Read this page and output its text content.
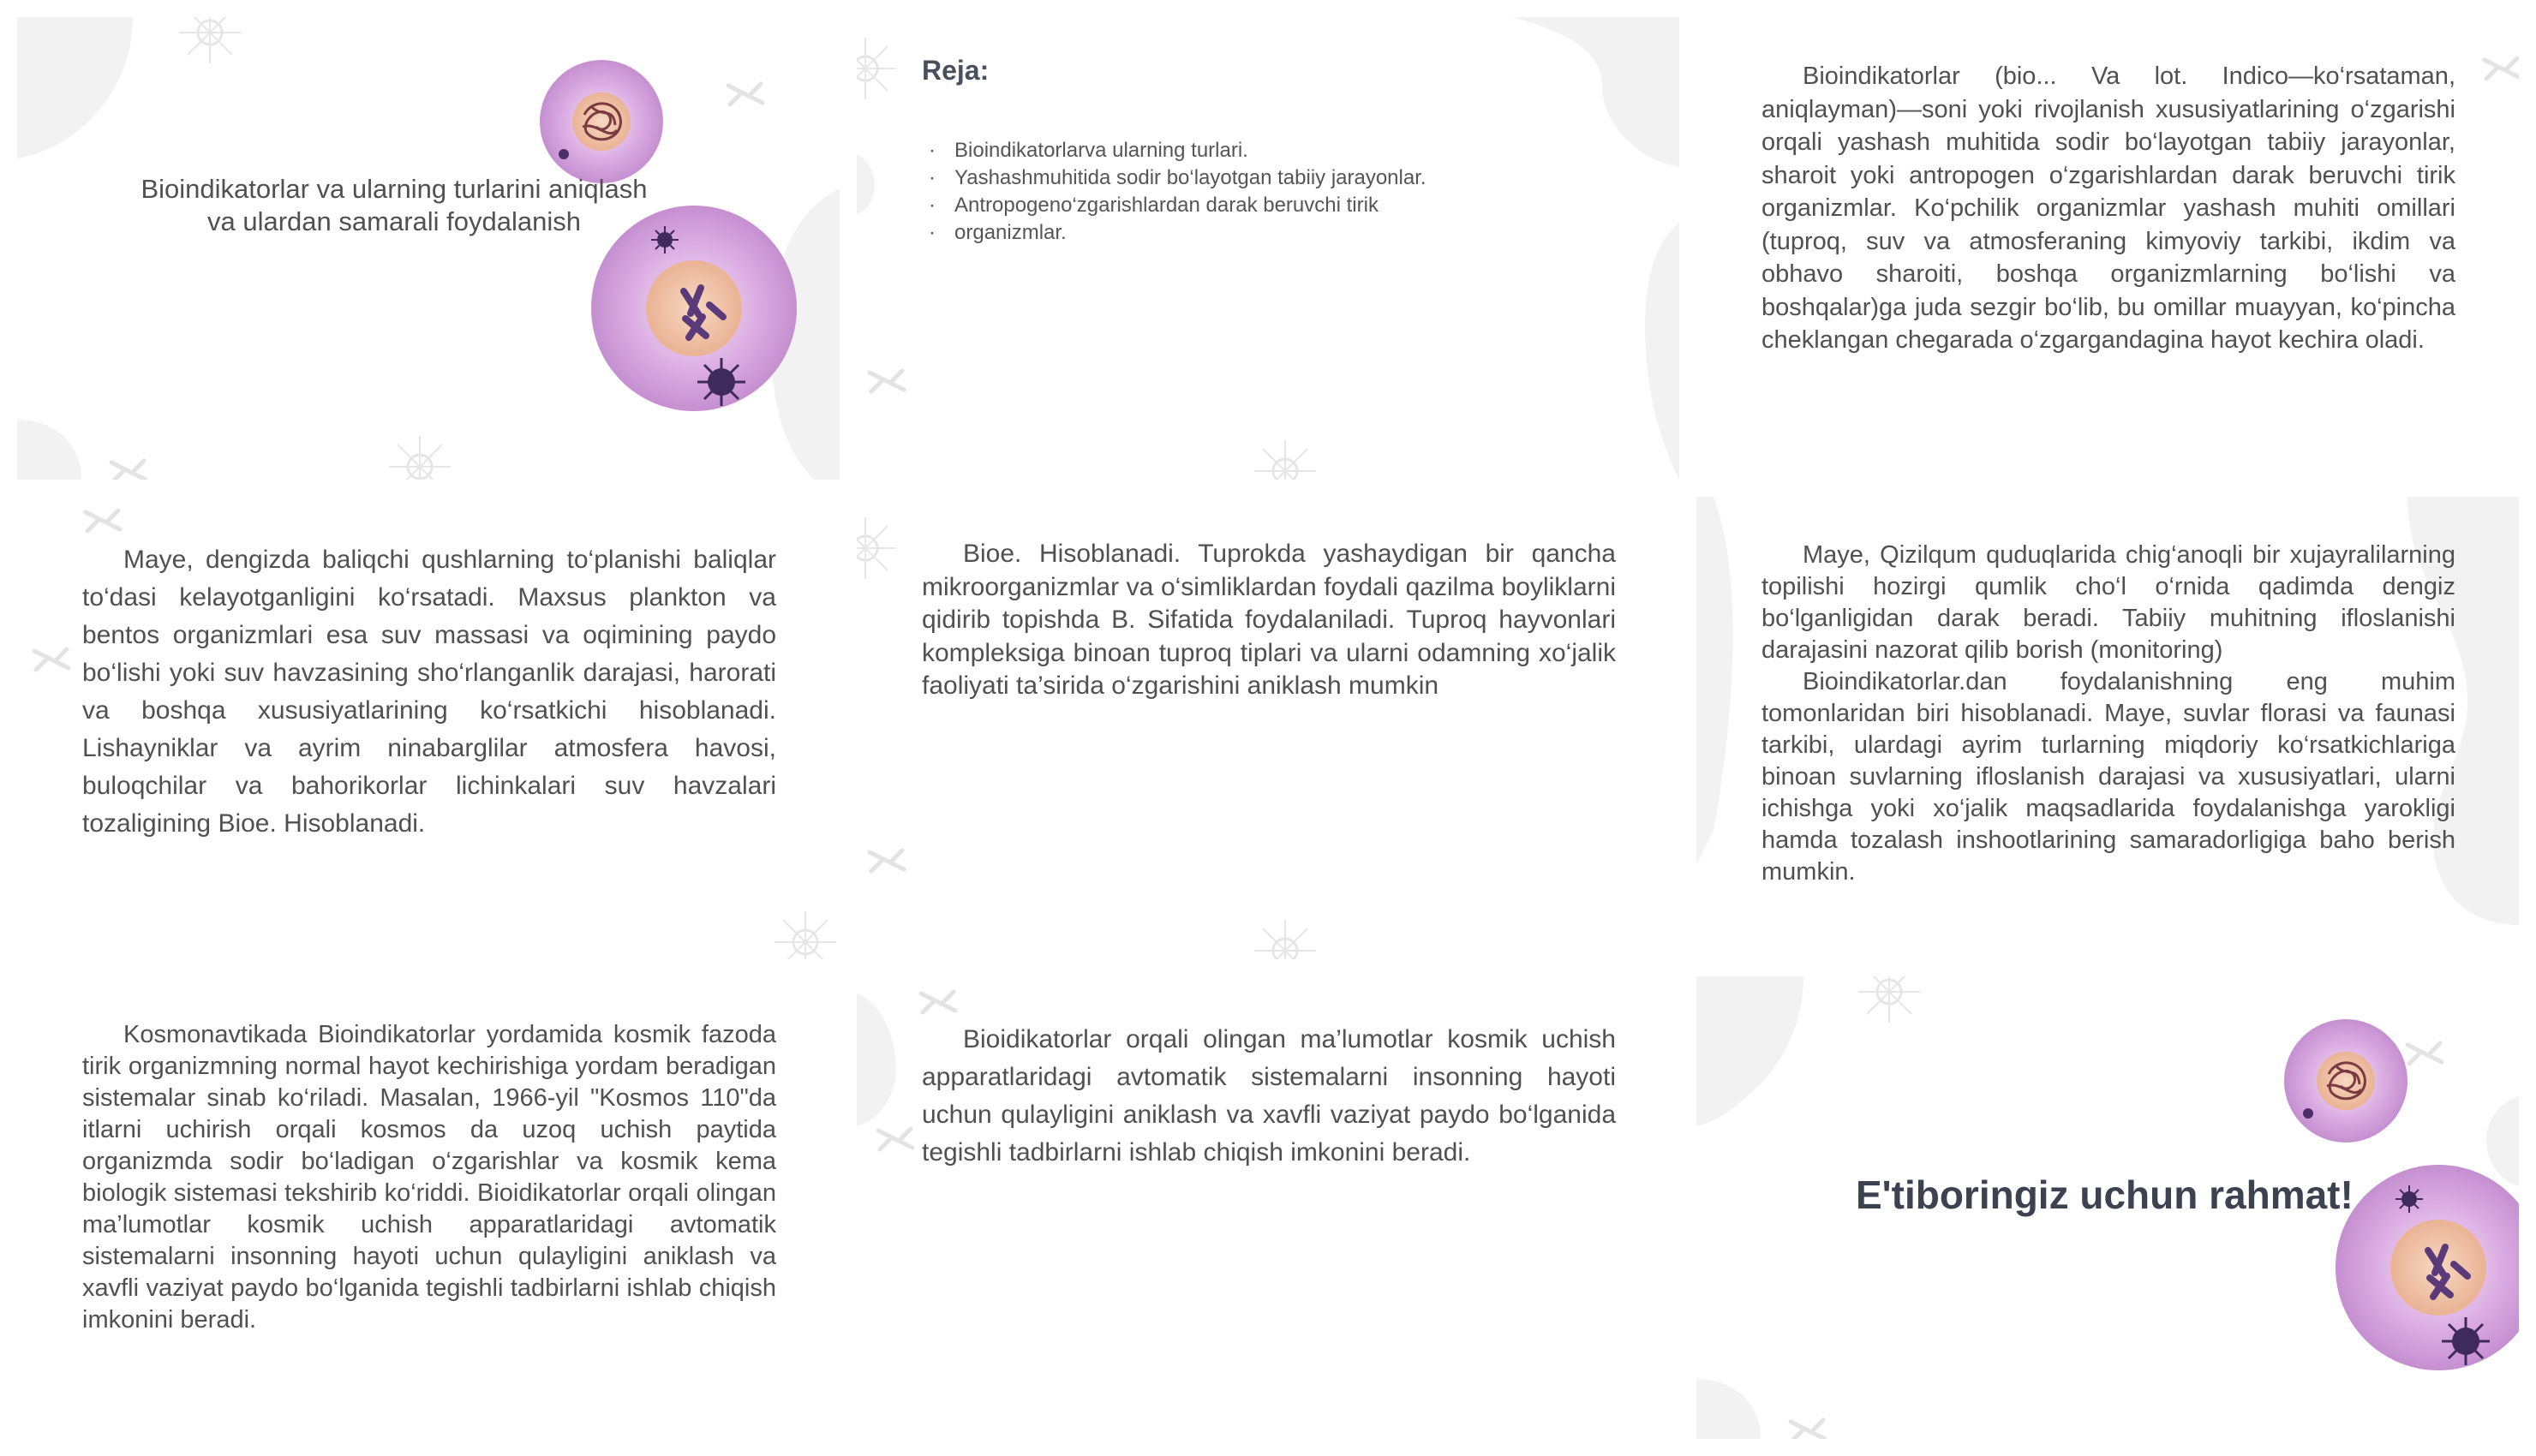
Bioindikatorlar va ularning turlarini aniqlash va ulardan samarali foydalanish
Reja:
· Bioindikatorlarva ularning turlari.
· Yashashmuhitida sodir bo‘layotgan tabiiy jarayonlar.
· Antropogeno‘zgarishlardan darak beruvchi tirik
· organizmlar.

Bioindikatorlar (bio... Va lot. Indico—ko‘rsataman, aniqlayman)—soni yoki rivojlanish xususiyatlarining o‘zgarishi orqali yashash muhitida sodir bo‘layotgan tabiiy jarayonlar, sharoit yoki antropogen o‘zgarishlardan darak beruvchi tirik organizmlar. Ko‘pchilik organizmlar yashash muhiti omillari (tuproq, suv va atmosferaning kimyoviy tarkibi, ikdim va obhavo sharoiti, boshqa organizmlarning bo‘lishi va boshqalar)ga juda sezgir bo‘lib, bu omillar muayyan, ko‘pincha cheklangan chegarada o‘zgargandagina hayot kechira oladi.

Maye, dengizda baliqchi qushlarning to‘planishi baliqlar to‘dasi kelayotganligini ko‘rsatadi. Maxsus plankton va bentos organizmlari esa suv massasi va oqimining paydo bo‘lishi yoki suv havzasining sho‘rlanganlik darajasi, harorati va boshqa xususiyatlarining ko‘rsatkichi hisoblanadi. Lishayniklar va ayrim ninabarglilar atmosfera havosi, buloqchilar va bahorikorlar lichinkalari suv havzalari tozaligining Bioe. Hisoblanadi.

Bioe. Hisoblanadi. Tuprokda yashaydigan bir qancha mikroorganizmlar va o‘simliklardan foydali qazilma boyliklarni qidirib topishda B. Sifatida foydalaniladi. Tuproq hayvonlari kompleksiga binoan tuproq tiplari va ularni odamning xo‘jalik faoliyati ta’sirida o‘zgarishini aniklash mumkin

Maye, Qizilqum quduqlarida chig‘anoqli bir xujayralilarning topilishi hozirgi qumlik cho‘l o‘rnida qadimda dengiz bo‘lganligidan darak beradi. Tabiiy muhitning ifloslanishi darajasini nazorat qilib borish (monitoring)

Bioindikatorlar.dan foydalanishning eng muhim tomonlaridan biri hisoblanadi. Maye, suvlar florasi va faunasi tarkibi, ulardagi ayrim turlarning miqdoriy ko‘rsatkichlariga binoan suvlarning ifloslanish darajasi va xususiyatlari, ularni ichishga yoki xo‘jalik maqsadlarida foydalanishga yarokligi hamda tozalash inshootlarining samaradorligiga baho berish mumkin.

Kosmonavtikada Bioindikatorlar yordamida kosmik fazoda tirik organizmning normal hayot kechirishiga yordam beradigan sistemalar sinab ko‘riladi. Masalan, 1966-yil "Kosmos 110"da itlarni uchirish orqali kosmos da uzoq uchish paytida organizmda sodir bo‘ladigan o‘zgarishlar va kosmik kema biologik sistemasi tekshirib ko‘riddi. Bioidikatorlar orqali olingan ma’lumotlar kosmik uchish apparatlaridagi avtomatik sistemalarni insonning hayoti uchun qulayligini aniklash va xavfli vaziyat paydo bo‘lganida tegishli tadbirlarni ishlab chiqish imkonini beradi.

Bioidikatorlar orqali olingan ma’lumotlar kosmik uchish apparatlaridagi avtomatik sistemalarni insonning hayoti uchun qulayligini aniklash va xavfli vaziyat paydo bo‘lganida tegishli tadbirlarni ishlab chiqish imkonini beradi.

E'tiboringiz uchun rahmat!
